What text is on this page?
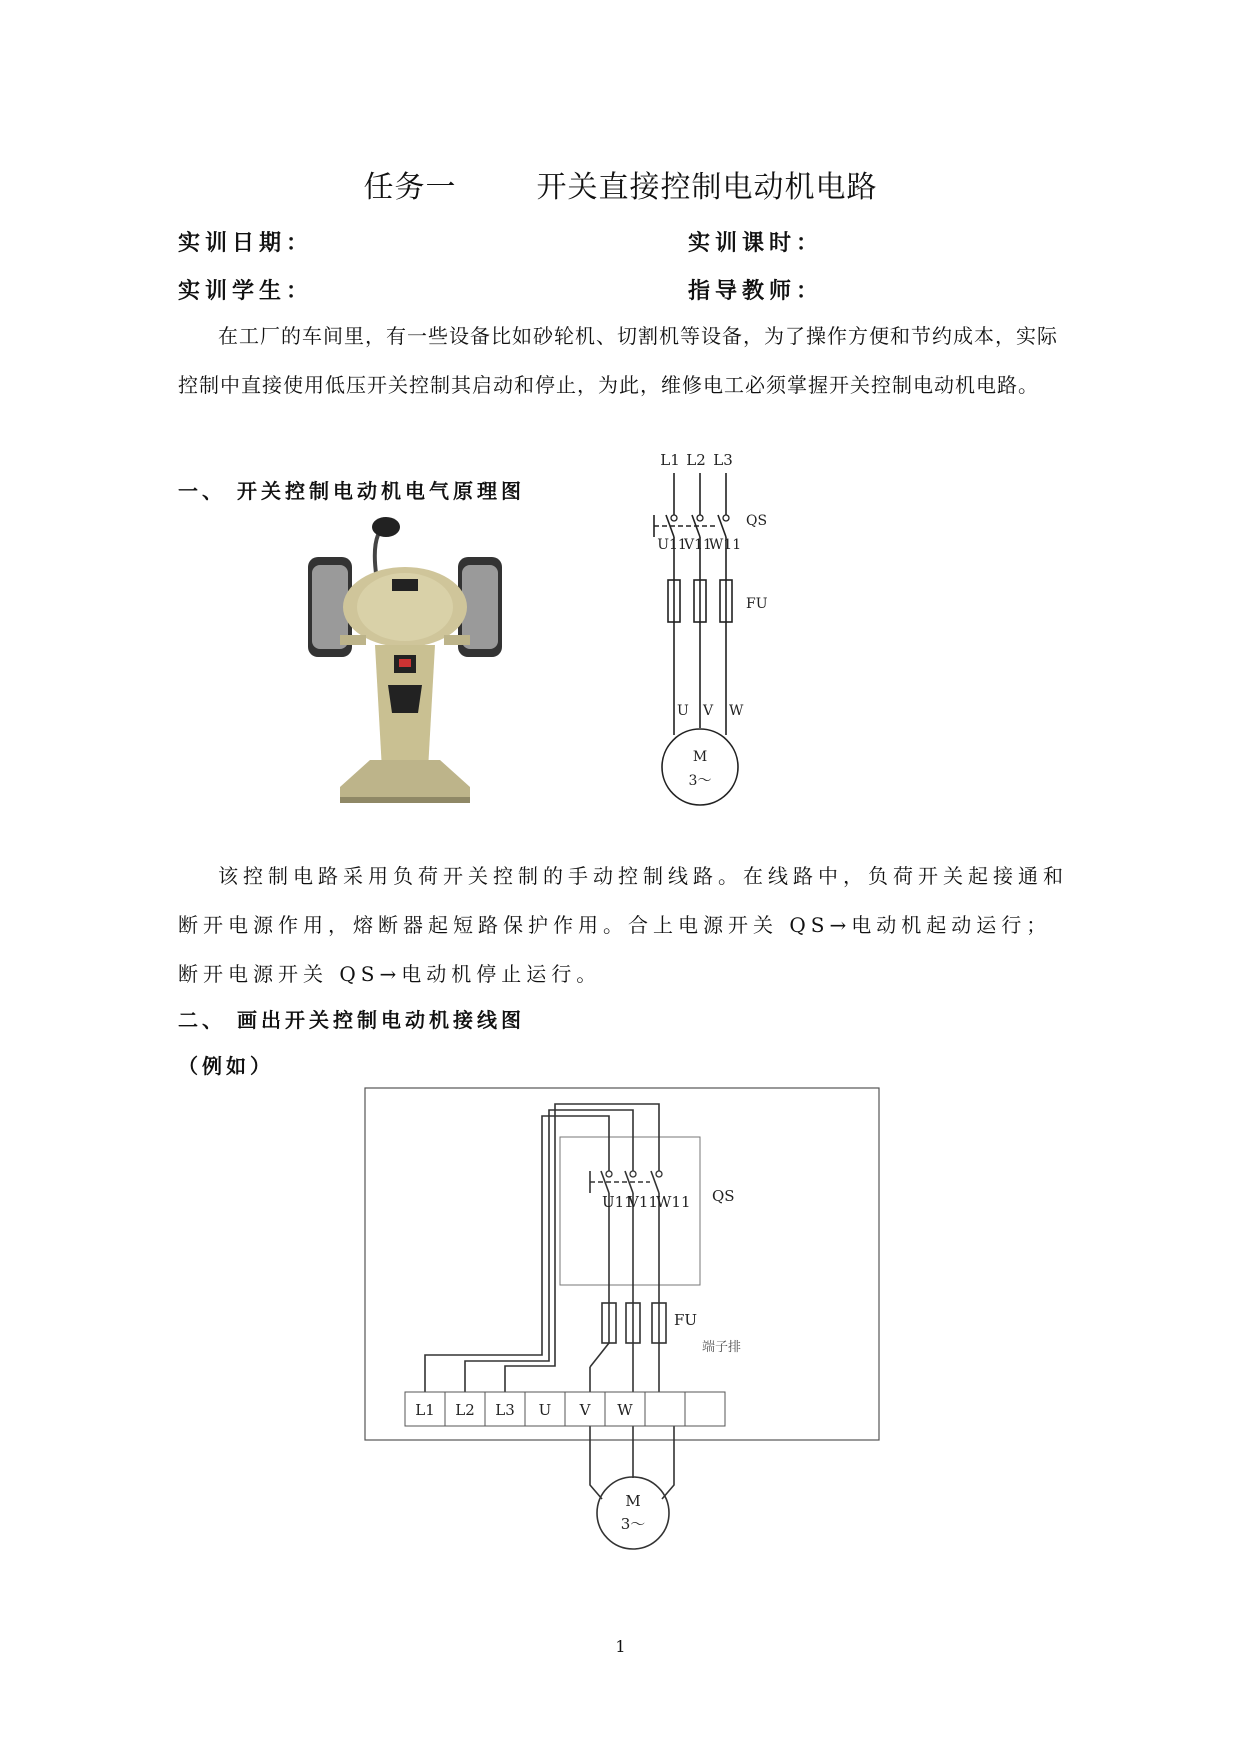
任务一	开关直接控制电动机电路
实训日期：	实训课时：
实训学生：	指导教师：
在工厂的车间里，有一些设备比如砂轮机、切割机等设备，为了操作方便和节约成本，实际控制中直接使用低压开关控制其启动和停止，为此，维修电工必须掌握开关控制电动机电路。
一、 开关控制电动机电气原理图
L1 L2 L3
QS
U11
V11
W11
FU
U V W
M
3～
该控制电路采用负荷开关控制的手动控制线路。在线路中，负荷开关起接通和断开电源作用，熔断器起短路保护作用。合上电源开关 QS→电动机起动运行；断开电源开关 QS→电动机停止运行。
二、 画出开关控制电动机接线图
（例如）
L1 L2 L3 U V W
QS
U11
V11
W11
FU
端子排
M
3～
1
